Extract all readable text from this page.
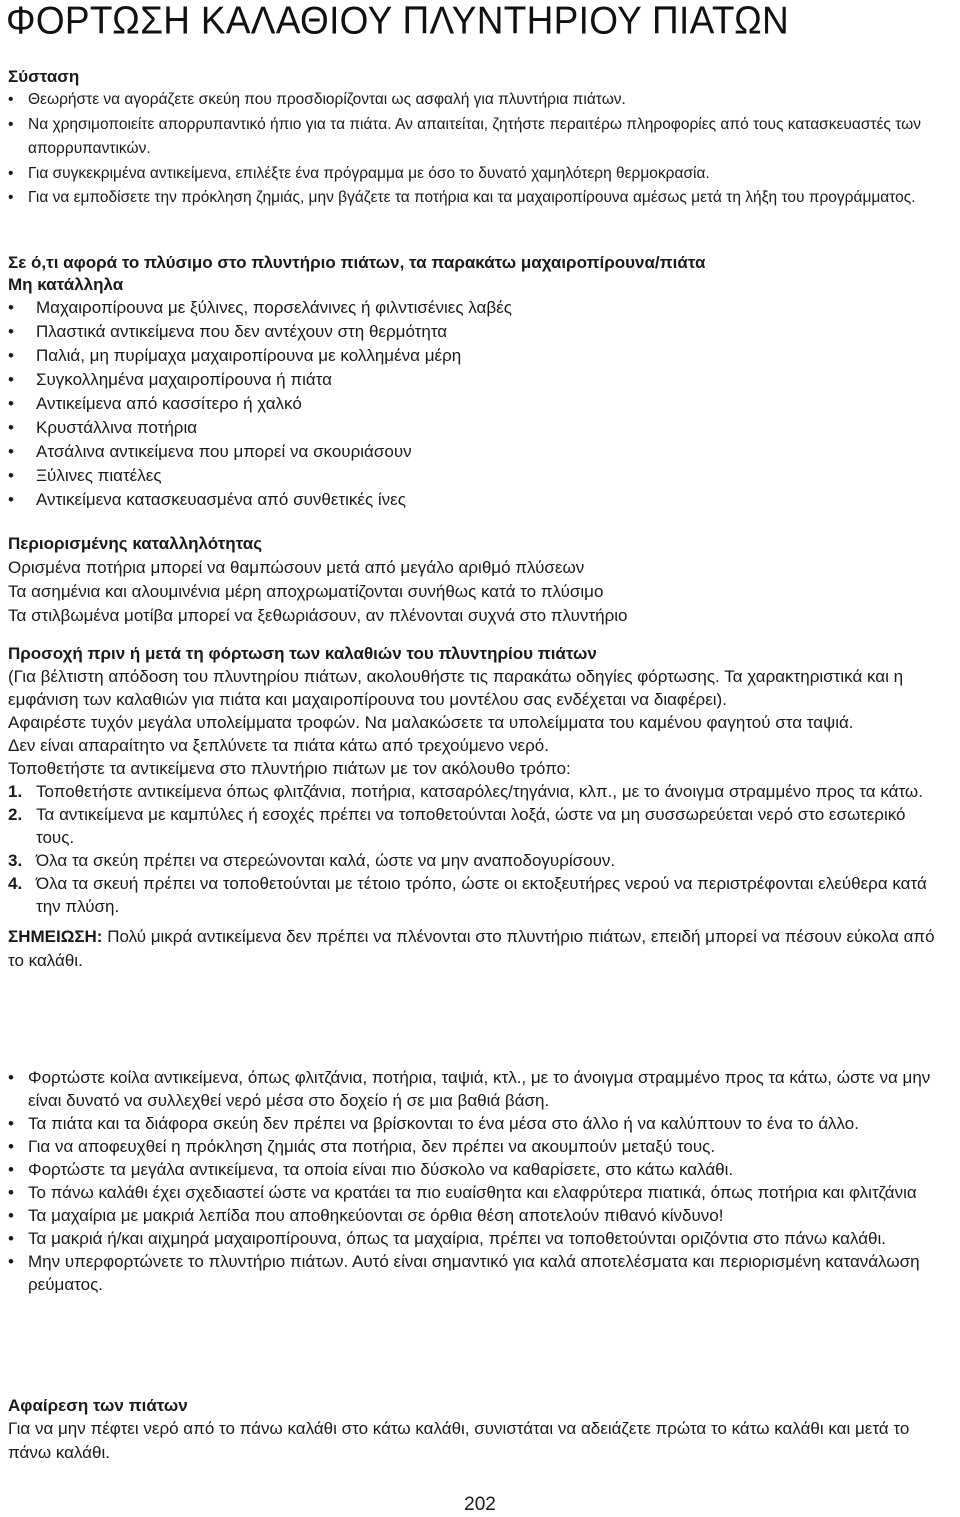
ΦΟΡΤΩΣΗ ΚΑΛΑΘΙΟΥ ΠΛΥΝΤΗΡΙΟΥ ΠΙΑΤΩΝ

Σύσταση

• Θεωρήστε να αγοράζετε σκεύη που προσδιορίζονται ως ασφαλή για πλυντήρια πιάτων.
• Να χρησιμοποιείτε απορρυπαντικό ήπιο για τα πιάτα. Αν απαιτείται, ζητήστε περαιτέρω πληροφορίες από τους κατασκευαστές των απορρυπαντικών.
• Για συγκεκριμένα αντικείμενα, επιλέξτε ένα πρόγραμμα με όσο το δυνατό χαμηλότερη θερμοκρασία.
• Για να εμποδίσετε την πρόκληση ζημιάς, μην βγάζετε τα ποτήρια και τα μαχαιροπίρουνα αμέσως μετά τη λήξη του προγράμματος.

Σε ό,τι αφορά το πλύσιμο στο πλυντήριο πιάτων, τα παρακάτω μαχαιροπίρουνα/πιάτα

Μη κατάλληλα

• Μαχαιροπίρουνα με ξύλινες, πορσελάνινες ή φιλντισένιες λαβές
• Πλαστικά αντικείμενα που δεν αντέχουν στη θερμότητα
• Παλιά, μη πυρίμαχα μαχαιροπίρουνα με κολλημένα μέρη
• Συγκολλημένα μαχαιροπίρουνα ή πιάτα
• Αντικείμενα από κασσίτερο ή χαλκό
• Κρυστάλλινα ποτήρια
• Ατσάλινα αντικείμενα που μπορεί να σκουριάσουν
• Ξύλινες πιατέλες
• Αντικείμενα κατασκευασμένα από συνθετικές ίνες

Περιορισμένης καταλληλότητας

Ορισμένα ποτήρια μπορεί να θαμπώσουν μετά από μεγάλο αριθμό πλύσεων

Τα ασημένια και αλουμινένια μέρη αποχρωματίζονται συνήθως κατά το πλύσιμο

Τα στιλβωμένα μοτίβα μπορεί να ξεθωριάσουν, αν πλένονται συχνά στο πλυντήριο

Προσοχή πριν ή μετά τη φόρτωση των καλαθιών του πλυντηρίου πιάτων

(Για βέλτιστη απόδοση του πλυντηρίου πιάτων, ακολουθήστε τις παρακάτω οδηγίες φόρτωσης. Τα χαρακτηριστικά και η εμφάνιση των καλαθιών για πιάτα και μαχαιροπίρουνα του μοντέλου σας ενδέχεται να διαφέρει).

Αφαιρέστε τυχόν μεγάλα υπολείμματα τροφών. Να μαλακώσετε τα υπολείμματα του καμένου φαγητού στα ταψιά.

Δεν είναι απαραίτητο να ξεπλύνετε τα πιάτα κάτω από τρεχούμενο νερό.

Τοποθετήστε τα αντικείμενα στο πλυντήριο πιάτων με τον ακόλουθο τρόπο:

1. Τοποθετήστε αντικείμενα όπως φλιτζάνια, ποτήρια, κατσαρόλες/τηγάνια, κλπ., με το άνοιγμα στραμμένο προς τα κάτω.
2. Τα αντικείμενα με καμπύλες ή εσοχές πρέπει να τοποθετούνται λοξά, ώστε να μη συσσωρεύεται νερό στο εσωτερικό τους.
3. Όλα τα σκεύη πρέπει να στερεώνονται καλά, ώστε να μην αναποδογυρίσουν.
4. Όλα τα σκευή πρέπει να τοποθετούνται με τέτοιο τρόπο, ώστε οι εκτοξευτήρες νερού να περιστρέφονται ελεύθερα κατά την πλύση.

ΣΗΜΕΙΩΣΗ: Πολύ μικρά αντικείμενα δεν πρέπει να πλένονται στο πλυντήριο πιάτων, επειδή μπορεί να πέσουν εύκολα από το καλάθι.

• Φορτώστε κοίλα αντικείμενα, όπως φλιτζάνια, ποτήρια, ταψιά, κτλ., με το άνοιγμα στραμμένο προς τα κάτω, ώστε να μην είναι δυνατό να συλλεχθεί νερό μέσα στο δοχείο ή σε μια βαθιά βάση.
• Τα πιάτα και τα διάφορα σκεύη δεν πρέπει να βρίσκονται το ένα μέσα στο άλλο ή να καλύπτουν το ένα το άλλο.
• Για να αποφευχθεί η πρόκληση ζημιάς στα ποτήρια, δεν πρέπει να ακουμπούν μεταξύ τους.
• Φορτώστε τα μεγάλα αντικείμενα, τα οποία είναι πιο δύσκολο να καθαρίσετε, στο κάτω καλάθι.
• Το πάνω καλάθι έχει σχεδιαστεί ώστε να κρατάει τα πιο ευαίσθητα και ελαφρύτερα πιατικά, όπως ποτήρια και φλιτζάνια
• Τα μαχαίρια με μακριά λεπίδα που αποθηκεύονται σε όρθια θέση αποτελούν πιθανό κίνδυνο!
• Τα μακριά ή/και αιχμηρά μαχαιροπίρουνα, όπως τα μαχαίρια, πρέπει να τοποθετούνται οριζόντια στο πάνω καλάθι.
• Μην υπερφορτώνετε το πλυντήριο πιάτων. Αυτό είναι σημαντικό για καλά αποτελέσματα και περιορισμένη κατανάλωση ρεύματος.

Αφαίρεση των πιάτων

Για να μην πέφτει νερό από το πάνω καλάθι στο κάτω καλάθι, συνιστάται να αδειάζετε πρώτα το κάτω καλάθι και μετά το πάνω καλάθι.

202
